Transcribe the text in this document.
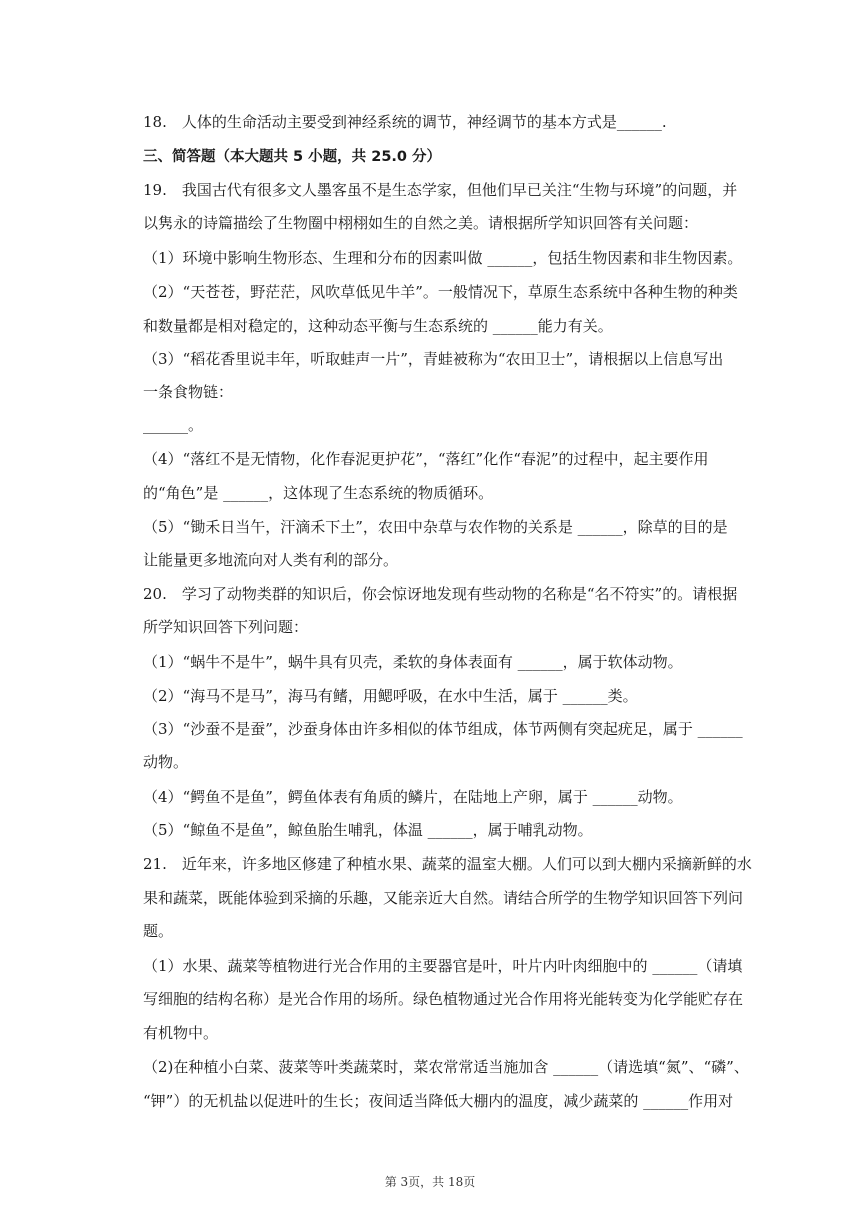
18.　人体的生命活动主要受到神经系统的调节，神经调节的基本方式是______.
三、简答题（本大题共 5 小题，共 25.0 分）
19.　我国古代有很多文人墨客虽不是生态学家，但他们早已关注“生物与环境”的问题，并
以隽永的诗篇描绘了生物圈中栩栩如生的自然之美。请根据所学知识回答有关问题：
（1）环境中影响生物形态、生理和分布的因素叫做 ______，包括生物因素和非生物因素。
（2）“天苍苍，野茫茫，风吹草低见牛羊”。一般情况下，草原生态系统中各种生物的种类
和数量都是相对稳定的，这种动态平衡与生态系统的 ______能力有关。
（3）“稻花香里说丰年，听取蛙声一片”，青蛙被称为“农田卫士”，请根据以上信息写出
一条食物链：
______。
（4）“落红不是无情物，化作春泥更护花”，“落红”化作“春泥”的过程中，起主要作用
的“角色”是 ______，这体现了生态系统的物质循环。
（5）“锄禾日当午，汗滴禾下土”，农田中杂草与农作物的关系是 ______，除草的目的是
让能量更多地流向对人类有利的部分。
20.　学习了动物类群的知识后，你会惊讶地发现有些动物的名称是“名不符实”的。请根据
所学知识回答下列问题：
（1）“蜗牛不是牛”，蜗牛具有贝壳，柔软的身体表面有 ______，属于软体动物。
（2）“海马不是马”，海马有鳍，用鳃呼吸，在水中生活，属于 ______类。
（3）“沙蚕不是蚕”，沙蚕身体由许多相似的体节组成，体节两侧有突起疣足，属于 ______
动物。
（4）“鳄鱼不是鱼”，鳄鱼体表有角质的鳞片，在陆地上产卵，属于 ______动物。
（5）“鲸鱼不是鱼”，鲸鱼胎生哺乳，体温 ______，属于哺乳动物。
21.　近年来，许多地区修建了种植水果、蔬菜的温室大棚。人们可以到大棚内采摘新鲜的水
果和蔬菜，既能体验到采摘的乐趣，又能亲近大自然。请结合所学的生物学知识回答下列问
题。
（1）水果、蔬菜等植物进行光合作用的主要器官是叶，叶片内叶肉细胞中的 ______（请填
写细胞的结构名称）是光合作用的场所。绿色植物通过光合作用将光能转变为化学能贮存在
有机物中。
（2)在种植小白菜、菠菜等叶类蔬菜时，菜农常常适当施加含 ______（请选填“氮”、“磷”、
“钾”）的无机盐以促进叶的生长；夜间适当降低大棚内的温度，减少蔬菜的 ______作用对
第 3页，共 18页
